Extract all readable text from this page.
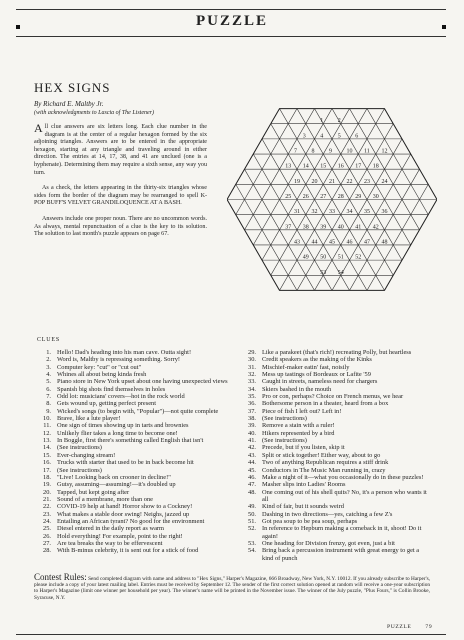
PUZZLE
HEX SIGNS
By Richard E. Maltby Jr.
(with acknowledgments to Lascia of The Listener)
All clue answers are six letters long. Each clue number in the diagram is at the center of a regular hexagon formed by the six adjoining triangles. Answers are to be entered in the appropriate hexagon, starting at any triangle and traveling around in either direction. The entries at 14, 17, 38, and 41 are unclued (one is a hyphenate). Determining them may require a sixth sense, any way you turn.
As a check, the letters appearing in the thirty-six triangles whose sides form the border of the diagram may be rearranged to spell K-POP BUFF'S VELVET GRANDILOQUENCE AT A BASH.
Answers include one proper noun. There are no uncommon words. As always, mental repunctuation of a clue is the key to its solution. The solution to last month's puzzle appears on page 67.
1 2
3 4 5 6
7 8 9 10 11 12
13 14 15 16 17 18
19 20 21 22 23 24
25 26 27 28 29 30
31 32 33 34 35 36
37 38 39 40 41 42
43 44 45 46 47 48
49 50 51 52
53 54
CLUES
1. Hello! Dad's heading into his man cave. Outta sight!
2. Word is, Maltby is repressing something. Sorry!
3. Computer key: "cut" or "cut out"
4. Whines all about being kinda fresh
5. Piano store in New York upset about one having unexpected views
6. Spanish big shots find themselves in holes
7. Odd lot: musicians' covers—hot in the rock world
8. Gets wound up, getting perfect present
9. Wicked's songs (to begin with, "Popular")—not quite complete
10. Brave, like a lute player!
11. One sign of times showing up in tarts and brownies
12. Unlikely flier takes a long time to become one!
13. In Boggle, first there's something called English that isn't
14. (See instructions)
15. Ever-changing stream!
16. Trucks with starter that used to be in back become hit
17. (See instructions)
18. "Live! Looking back on crooner in decline!"
19. Gutsy, assuming—assuming!—it's doubled up
20. Tapped, but kept going after
21. Sound of a membrane, more than one
22. COVID-19 help at hand! Horror show to a Cockney!
23. What makes a stable door swing! Neighs, jazzed up
24. Entailing an African tyrant? No good for the environment
25. Diesel entered in the daily report as warm
26. Hold everything! For example, point to the right!
27. Are tea breaks the way to be effervescent
28. With B-minus celebrity, it is sent out for a stick of food
29. Like a parakeet (that's rich!) recreating Polly, but heartless
30. Credit speakers as the making of the Kinks
31. Mischief-maker eatin' fast, noisily
32. Mess up tastings of Bordeaux or Lafite '59
33. Caught in streets, nameless need for chargers
34. Skiers bashed in the mouth
35. Pro or con, perhaps? Choice on French menus, we hear
36. Bothersome person in a theater, heard from a box
37. Piece of fish I left out? Left in!
38. (See instructions)
39. Remove a stain with a ruler!
40. Hikers represented by a bird
41. (See instructions)
42. Precede, but if you listen, skip it
43. Split or stick together! Either way, about to go
44. Two of anything Republican requires a stiff drink
45. Conductors in The Music Man running in, crazy
46. Make a night of it—what you occasionally do in these puzzles!
47. Masher slips into Ladies' Rooms
48. One coming out of his shell quits? No, it's a person who wants it all
49. Kind of fair, but it sounds weird
50. Dashing in two directions—yes, catching a few Z's
51. Got pea soup to be pea soup, perhaps
52. In reference to Hepburn making a comeback in it, shoot! Do it again!
53. One heading for Division frenzy, got even, just a bit
54. Bring back a percussion instrument with great energy to get a kind of punch
Contest Rules: Send completed diagram with name and address to "Hex Signs," Harper's Magazine, 666 Broadway, New York, N.Y. 10012. If you already subscribe to Harper's, please include a copy of your latest mailing label. Entries must be received by September 12. The sender of the first correct solution opened at random will receive a one-year subscription to Harper's Magazine (limit one winner per household per year). The winner's name will be printed in the November issue. The winner of the July puzzle, "Plus Fours," is Collin Brooke, Syracuse, N.Y.
PUZZLE	79
